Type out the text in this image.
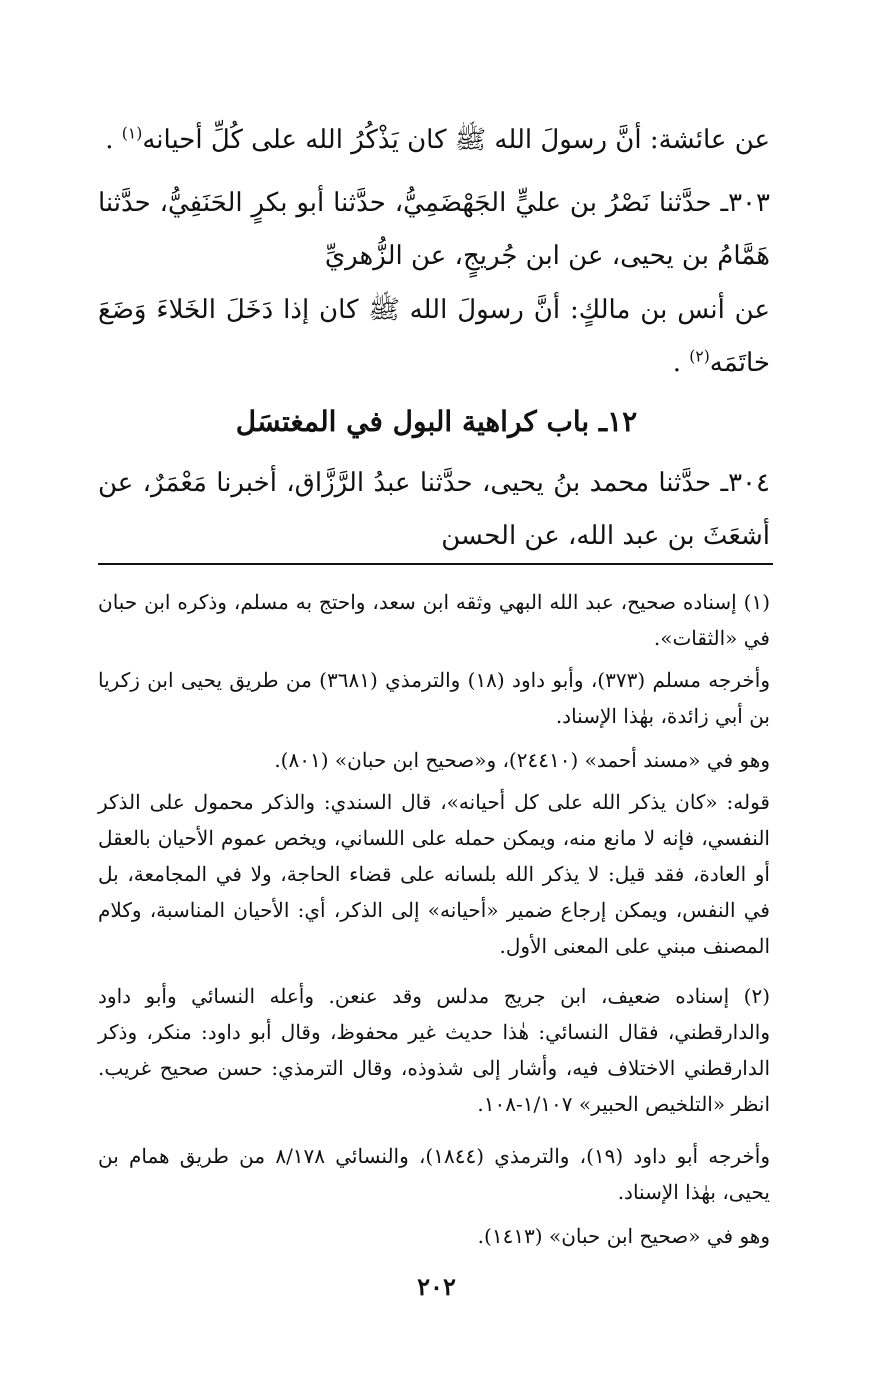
عن عائشة: أنَّ رسولَ الله ﷺ كان يَذْكُرُ الله على كُلِّ أحيانه$^{(١)}$ .

٣٠٣ـ حدَّثنا نَصْرُ بن عليٍّ الجَهْضَمِيُّ، حدَّثنا أبو بكرٍ الحَنَفِيُّ، حدَّثنا هَمَّامُ بن يحيى، عن ابن جُريجٍ، عن الزُّهريِّ

عن أنس بن مالكٍ: أنَّ رسولَ الله ﷺ كان إذا دَخَلَ الخَلاءَ وَضَعَ خاتَمَه$^{(٢)}$ .

٣٠٤ـ حدَّثنا محمد بنُ يحيى، حدَّثنا عبدُ الرَّزَّاق، أخبرنا مَعْمَرٌ، عن أشعَثَ بن عبد الله، عن الحسن

١٢ـ باب كراهية البول في المغتسَل

(١) إسناده صحيح، عبد الله البهي وثقه ابن سعد، واحتج به مسلم، وذكره ابن حبان في «الثقات».

وأخرجه مسلم (٣٧٣)، وأبو داود (١٨) والترمذي (٣٦٨١) من طريق يحيى ابن زكريا بن أبي زائدة، بهٰذا الإسناد.

وهو في «مسند أحمد» (٢٤٤١٠)، و«صحيح ابن حبان» (٨٠١).

قوله: «كان يذكر الله على كل أحيانه»، قال السندي: والذكر محمول على الذكر النفسي، فإنه لا مانع منه، ويمكن حمله على اللساني، ويخص عموم الأحيان بالعقل أو العادة، فقد قيل: لا يذكر الله بلسانه على قضاء الحاجة، ولا في المجامعة، بل في النفس، ويمكن إرجاع ضمير «أحيانه» إلى الذكر، أي: الأحيان المناسبة، وكلام المصنف مبني على المعنى الأول.

(٢) إسناده ضعيف، ابن جريج مدلس وقد عنعن. وأعله النسائي وأبو داود والدارقطني، فقال النسائي: هٰذا حديث غير محفوظ، وقال أبو داود: منكر، وذكر الدارقطني الاختلاف فيه، وأشار إلى شذوذه، وقال الترمذي: حسن صحيح غريب. انظر «التلخيص الحبير» ١/١٠٧-١٠٨.

وأخرجه أبو داود (١٩)، والترمذي (١٨٤٤)، والنسائي ٨/١٧٨ من طريق همام بن يحيى، بهٰذا الإسناد.

وهو في «صحيح ابن حبان» (١٤١٣).

٢٠٢
